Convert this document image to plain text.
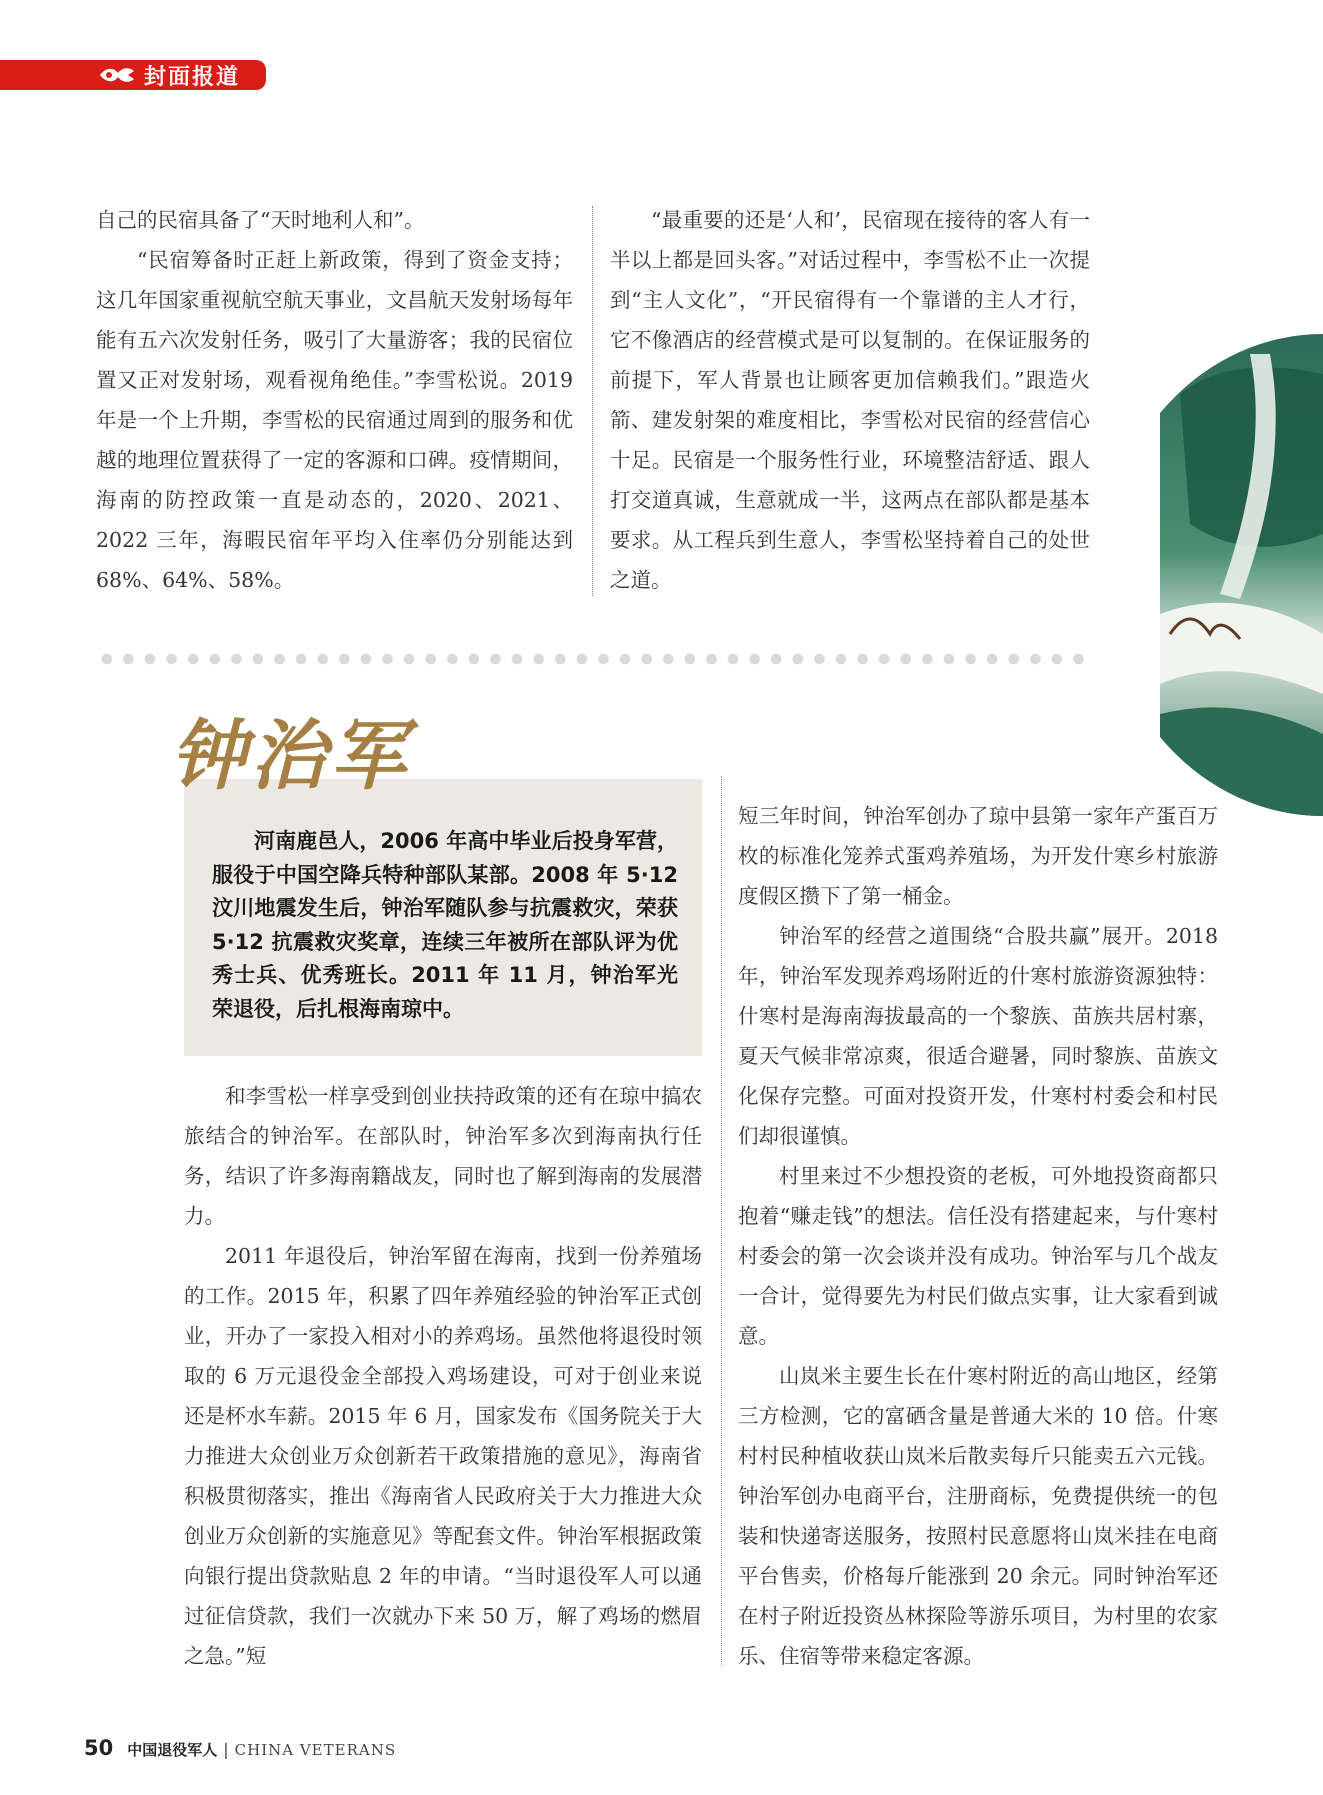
封面报道

自己的民宿具备了“天时地利人和”。

“民宿筹备时正赶上新政策，得到了资金支持；这几年国家重视航空航天事业，文昌航天发射场每年能有五六次发射任务，吸引了大量游客；我的民宿位置又正对发射场，观看视角绝佳。”李雪松说。2019 年是一个上升期，李雪松的民宿通过周到的服务和优越的地理位置获得了一定的客源和口碑。疫情期间，海南的防控政策一直是动态的，2020、2021、2022 三年，海暇民宿年平均入住率仍分别能达到 68%、64%、58%。

“最重要的还是‘人和’，民宿现在接待的客人有一半以上都是回头客。”对话过程中，李雪松不止一次提到“主人文化”，“开民宿得有一个靠谱的主人才行，它不像酒店的经营模式是可以复制的。在保证服务的前提下，军人背景也让顾客更加信赖我们。”跟造火箭、建发射架的难度相比，李雪松对民宿的经营信心十足。民宿是一个服务性行业，环境整洁舒适、跟人打交道真诚，生意就成一半，这两点在部队都是基本要求。从工程兵到生意人，李雪松坚持着自己的处世之道。

河南鹿邑人，2006 年高中毕业后投身军营，服役于中国空降兵特种部队某部。2008 年 5·12 汶川地震发生后，钟治军随队参与抗震救灾，荣获 5·12 抗震救灾奖章，连续三年被所在部队评为优秀士兵、优秀班长。2011 年 11 月，钟治军光荣退役，后扎根海南琼中。

钟治军

和李雪松一样享受到创业扶持政策的还有在琼中搞农旅结合的钟治军。在部队时，钟治军多次到海南执行任务，结识了许多海南籍战友，同时也了解到海南的发展潜力。

2011 年退役后，钟治军留在海南，找到一份养殖场的工作。2015 年，积累了四年养殖经验的钟治军正式创业，开办了一家投入相对小的养鸡场。虽然他将退役时领取的 6 万元退役金全部投入鸡场建设，可对于创业来说还是杯水车薪。2015 年 6 月，国家发布《国务院关于大力推进大众创业万众创新若干政策措施的意见》，海南省积极贯彻落实，推出《海南省人民政府关于大力推进大众创业万众创新的实施意见》等配套文件。钟治军根据政策向银行提出贷款贴息 2 年的申请。“当时退役军人可以通过征信贷款，我们一次就办下来 50 万，解了鸡场的燃眉之急。”短

短三年时间，钟治军创办了琼中县第一家年产蛋百万枚的标准化笼养式蛋鸡养殖场，为开发什寒乡村旅游度假区攒下了第一桶金。

钟治军的经营之道围绕“合股共赢”展开。2018 年，钟治军发现养鸡场附近的什寒村旅游资源独特：什寒村是海南海拔最高的一个黎族、苗族共居村寨，夏天气候非常凉爽，很适合避暑，同时黎族、苗族文化保存完整。可面对投资开发，什寒村村委会和村民们却很谨慎。

村里来过不少想投资的老板，可外地投资商都只抱着“赚走钱”的想法。信任没有搭建起来，与什寒村村委会的第一次会谈并没有成功。钟治军与几个战友一合计，觉得要先为村民们做点实事，让大家看到诚意。

山岚米主要生长在什寒村附近的高山地区，经第三方检测，它的富硒含量是普通大米的 10 倍。什寒村村民种植收获山岚米后散卖每斤只能卖五六元钱。钟治军创办电商平台，注册商标，免费提供统一的包装和快递寄送服务，按照村民意愿将山岚米挂在电商平台售卖，价格每斤能涨到 20 余元。同时钟治军还在村子附近投资丛林探险等游乐项目，为村里的农家乐、住宿等带来稳定客源。

50 中国退役军人 | CHINA VETERANS
